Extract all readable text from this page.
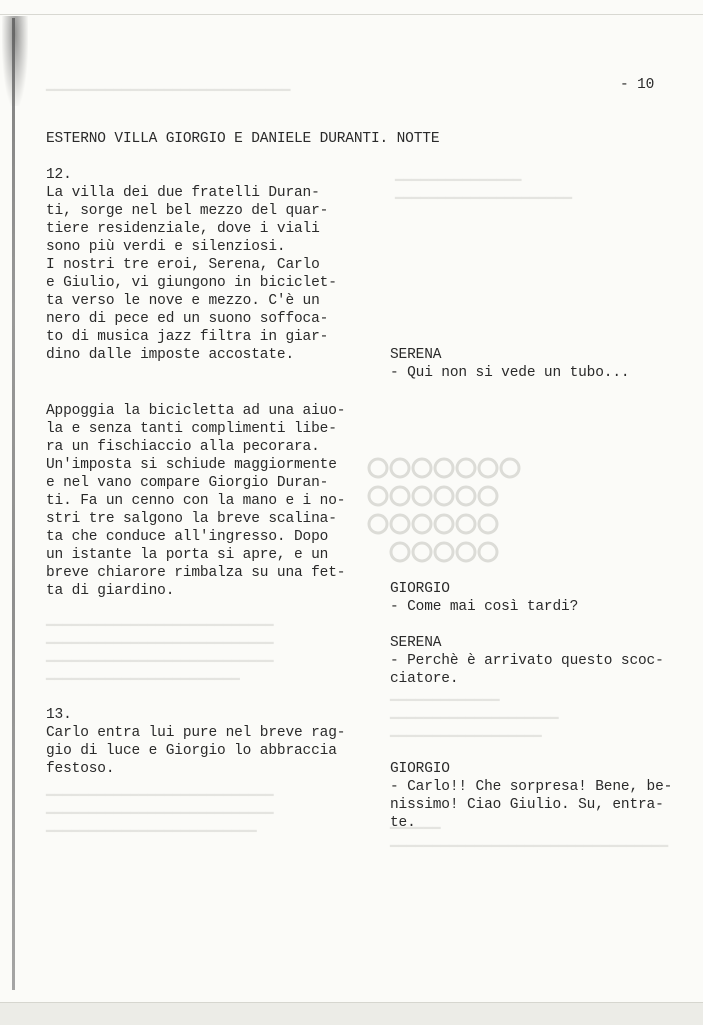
▔▔▔▔▔▔▔▔▔▔▔▔▔▔▔▔▔▔▔▔▔▔▔▔▔▔▔▔▔
▔▔▔▔▔▔▔▔▔▔▔▔▔▔▔
▔▔▔▔▔▔▔▔▔▔▔▔▔▔▔▔▔▔▔▔▔
▔▔▔▔▔▔▔▔▔▔▔▔▔▔▔▔▔▔▔▔▔▔▔▔▔▔▔
▔▔▔▔▔▔▔▔▔▔▔▔▔▔▔▔▔▔▔▔▔▔▔▔▔▔▔
▔▔▔▔▔▔▔▔▔▔▔▔▔▔▔▔▔▔▔▔▔▔▔▔▔▔▔
▔▔▔▔▔▔▔▔▔▔▔▔▔▔▔▔▔▔▔▔▔▔▔
▔▔▔▔▔▔▔▔▔▔▔▔▔▔▔▔▔▔▔▔▔▔▔▔▔▔▔
▔▔▔▔▔▔▔▔▔▔▔▔▔▔▔▔▔▔▔▔▔▔▔▔▔▔▔
▔▔▔▔▔▔▔▔▔▔▔▔▔▔▔▔▔▔▔▔▔▔▔▔▔
▔▔▔▔▔▔▔▔▔▔▔▔▔
▔▔▔▔▔▔▔▔▔▔▔▔▔▔▔▔▔▔▔▔
▔▔▔▔▔▔▔▔▔▔▔▔▔▔▔▔▔▔
▔▔▔▔▔▔
▔▔▔▔▔▔▔▔▔▔▔▔▔▔▔▔▔▔▔▔▔▔▔▔▔▔▔▔▔▔▔▔▔
- 10
ESTERNO VILLA GIORGIO E DANIELE DURANTI. NOTTE
12.
La villa dei due fratelli Duran-
ti, sorge nel bel mezzo del quar-
tiere residenziale, dove i viali
sono più verdi e silenziosi.
I nostri tre eroi, Serena, Carlo
e Giulio, vi giungono in biciclet-
ta verso le nove e mezzo. C'è un
nero di pece ed un suono soffoca-
to di musica jazz filtra in giar-
dino dalle imposte accostate.
Appoggia la bicicletta ad una aiuo-
la e senza tanti complimenti libe-
ra un fischiaccio alla pecorara.
Un'imposta si schiude maggiormente
e nel vano compare Giorgio Duran-
ti. Fa un cenno con la mano e i no-
stri tre salgono la breve scalina-
ta che conduce all'ingresso. Dopo
un istante la porta si apre, e un
breve chiarore rimbalza su una fet-
ta di giardino.
13.
Carlo entra lui pure nel breve rag-
gio di luce e Giorgio lo abbraccia
festoso.
SERENA
- Qui non si vede un tubo...
GIORGIO
- Come mai così tardi?
SERENA
- Perchè è arrivato questo scoc-
ciatore.
GIORGIO
- Carlo!! Che sorpresa! Bene, be-
nissimo! Ciao Giulio. Su, entra-
te.
